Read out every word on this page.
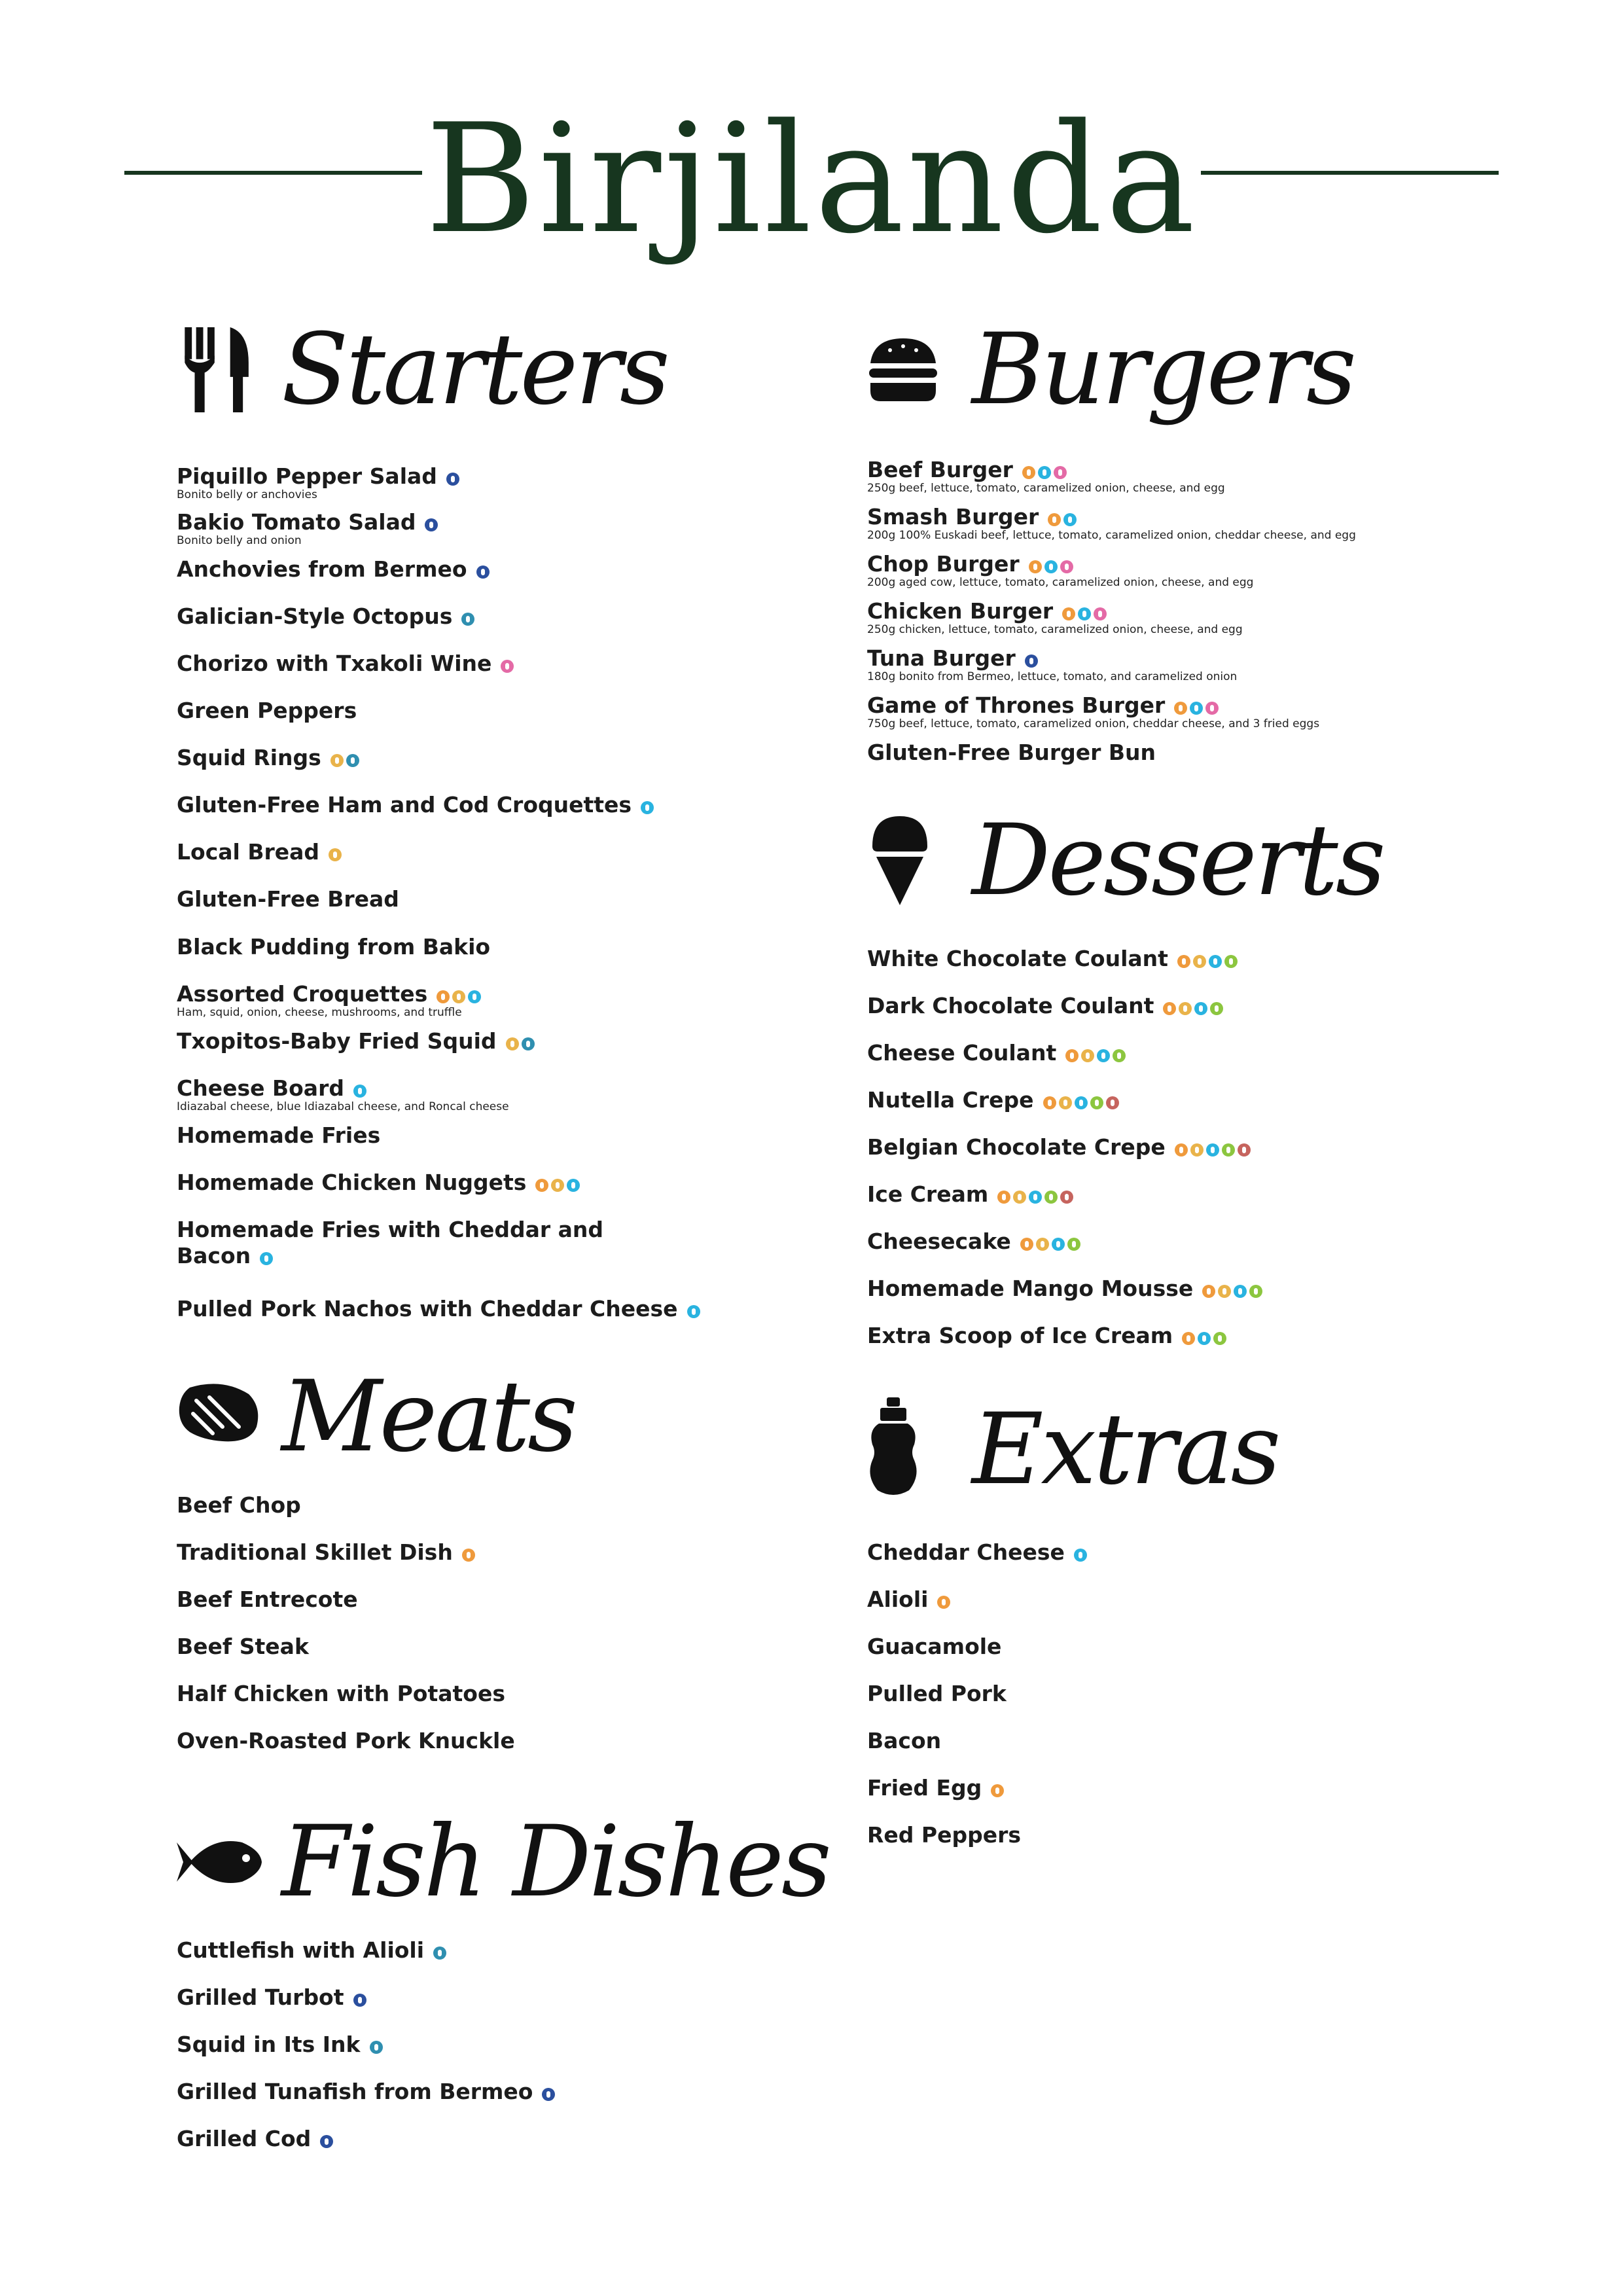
Birjilanda
Starters
Piquillo Pepper Salad
Bonito belly or anchovies
Bakio Tomato Salad
Bonito belly and onion
Anchovies from Bermeo
Galician-Style Octopus
Chorizo with Txakoli Wine
Green Peppers
Squid Rings
Gluten-Free Ham and Cod Croquettes
Local Bread
Gluten-Free Bread
Black Pudding from Bakio
Assorted Croquettes
Ham, squid, onion, cheese, mushrooms, and truffle
Txopitos-Baby Fried Squid
Cheese Board
Idiazabal cheese, blue Idiazabal cheese, and Roncal cheese
Homemade Fries
Homemade Chicken Nuggets
Homemade Fries with Cheddar and
Bacon
Pulled Pork Nachos with Cheddar Cheese
Meats
Beef Chop
Traditional Skillet Dish
Beef Entrecote
Beef Steak
Half Chicken with Potatoes
Oven-Roasted Pork Knuckle
Fish Dishes
Cuttlefish with Alioli
Grilled Turbot
Squid in Its Ink
Grilled Tunafish from Bermeo
Grilled Cod
Burgers
Beef Burger
250g beef, lettuce, tomato, caramelized onion, cheese, and egg
Smash Burger
200g 100% Euskadi beef, lettuce, tomato, caramelized onion, cheddar cheese, and egg
Chop Burger
200g aged cow, lettuce, tomato, caramelized onion, cheese, and egg
Chicken Burger
250g chicken, lettuce, tomato, caramelized onion, cheese, and egg
Tuna Burger
180g bonito from Bermeo, lettuce, tomato, and caramelized onion
Game of Thrones Burger
750g beef, lettuce, tomato, caramelized onion, cheddar cheese, and 3 fried eggs
Gluten-Free Burger Bun
Desserts
White Chocolate Coulant
Dark Chocolate Coulant
Cheese Coulant
Nutella Crepe
Belgian Chocolate Crepe
Ice Cream
Cheesecake
Homemade Mango Mousse
Extra Scoop of Ice Cream
Extras
Cheddar Cheese
Alioli
Guacamole
Pulled Pork
Bacon
Fried Egg
Red Peppers
